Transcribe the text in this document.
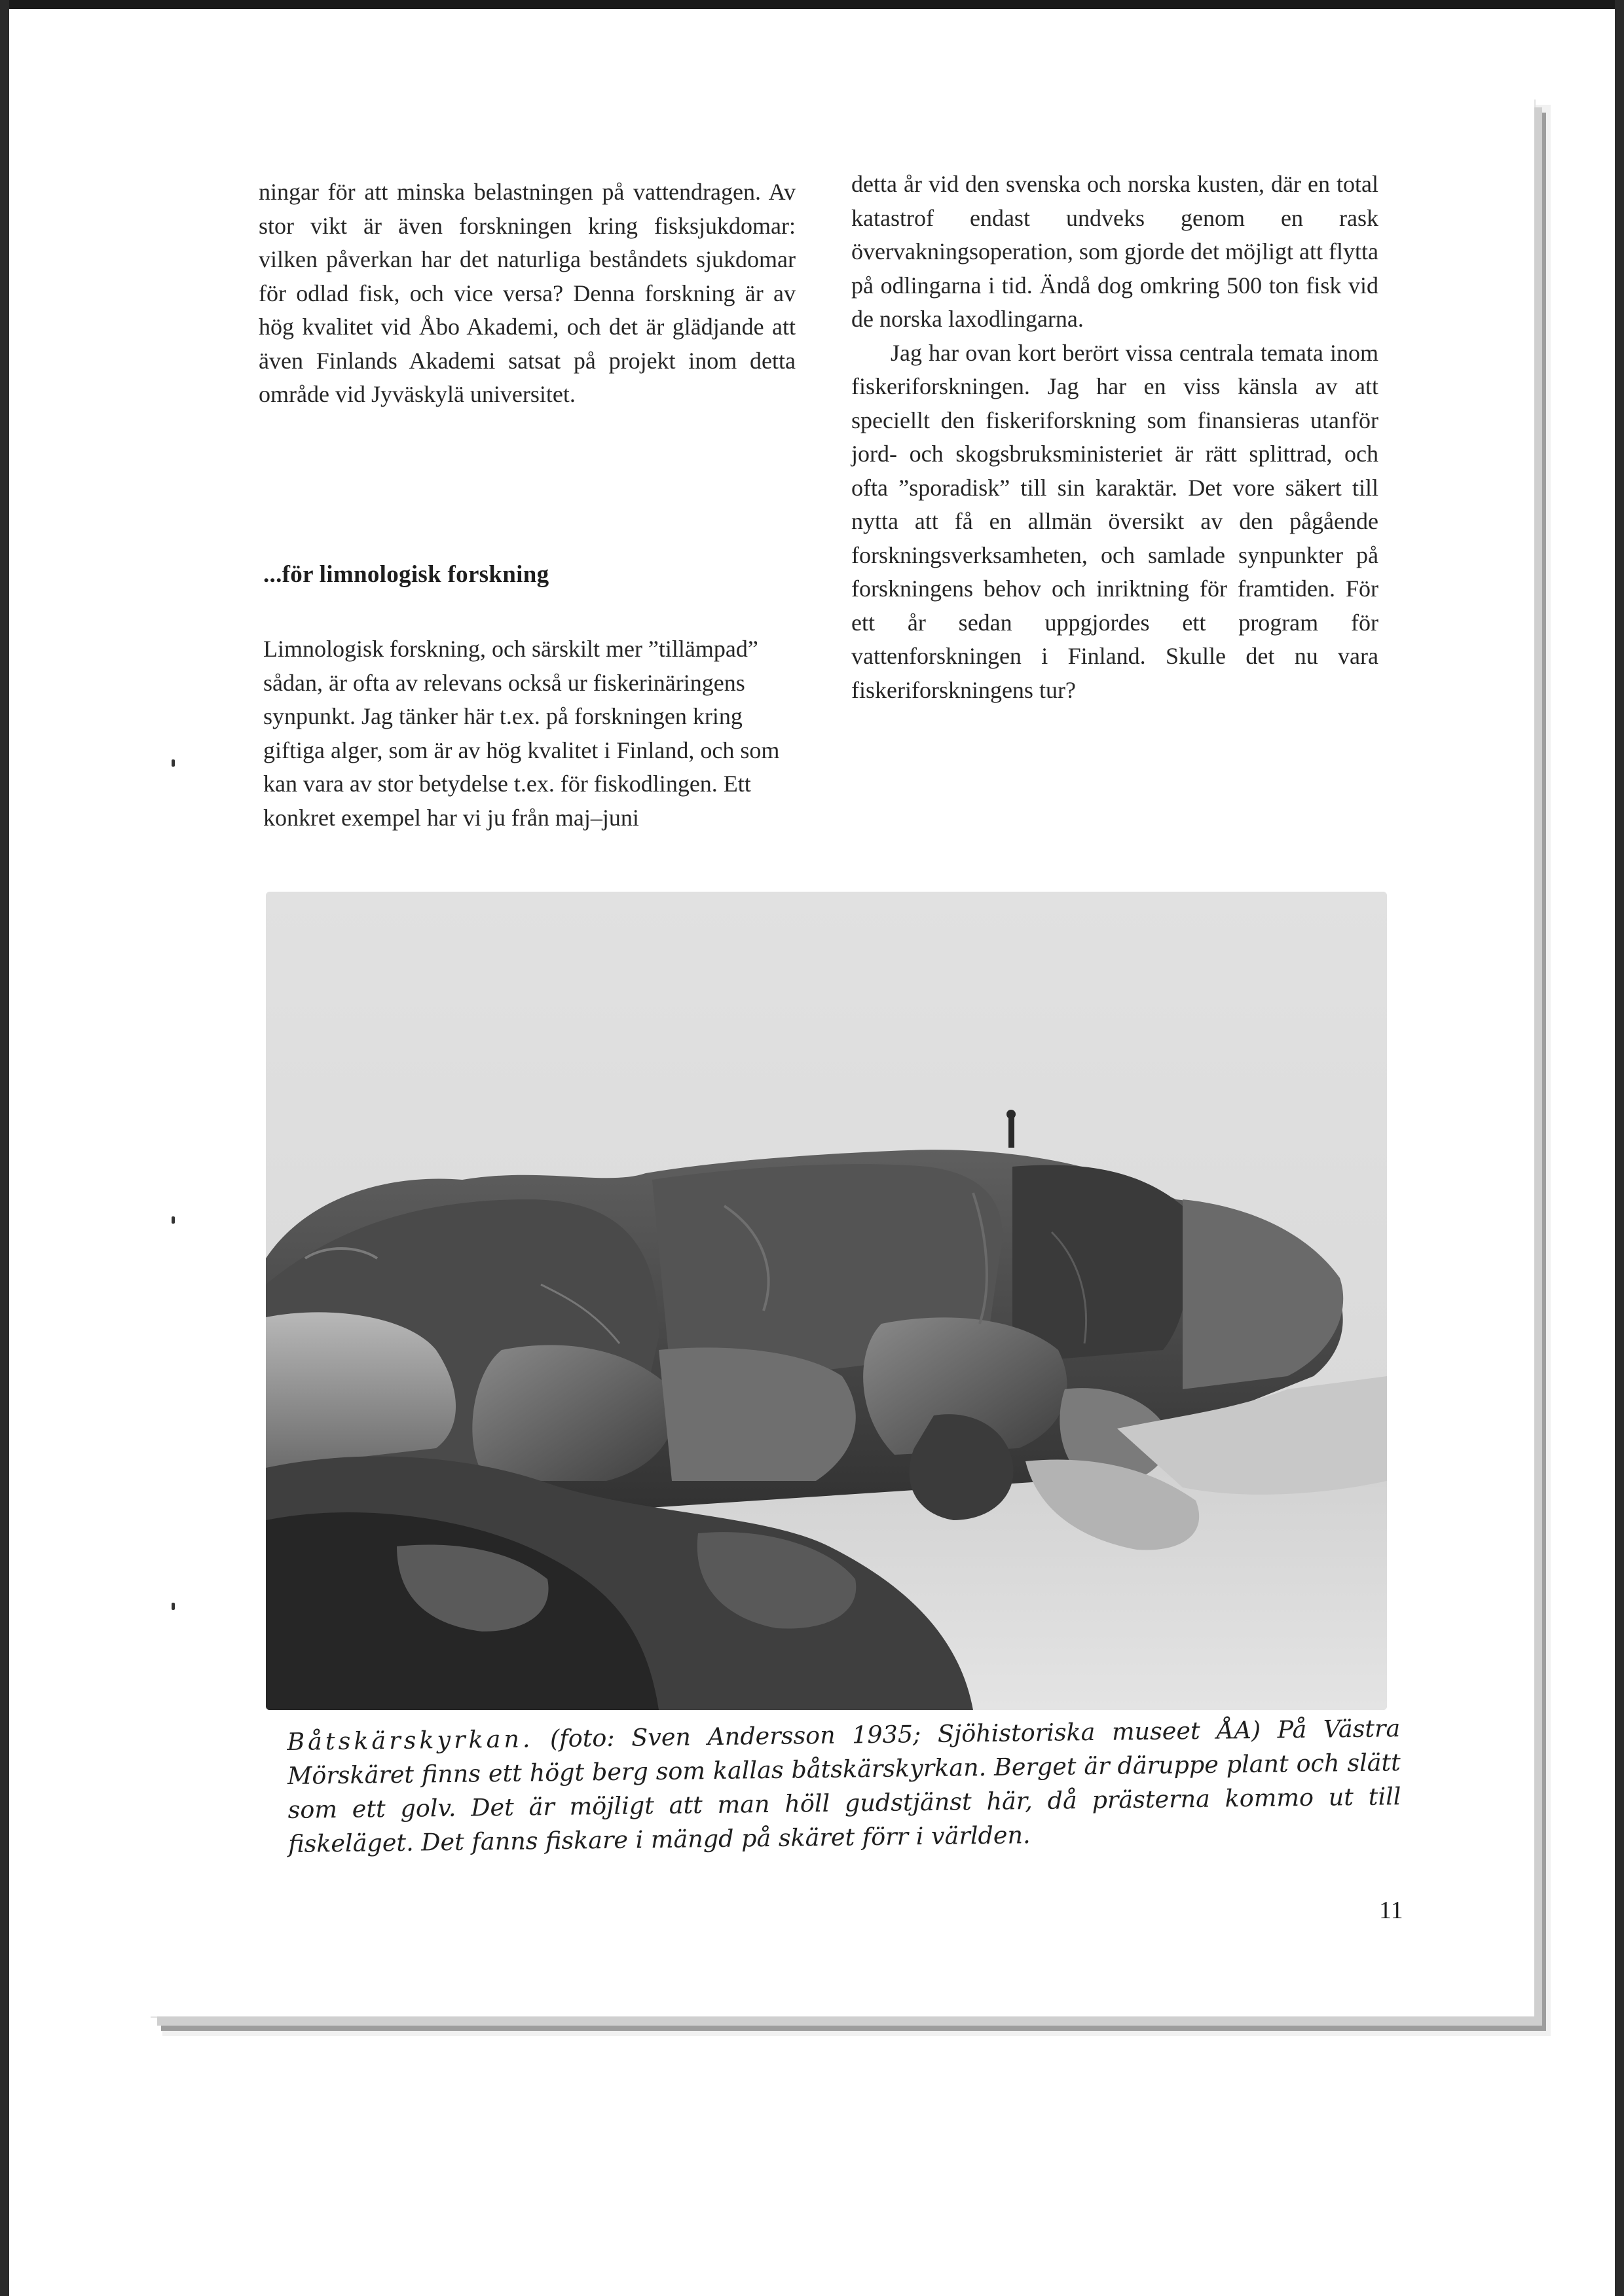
ningar för att minska belastningen på vattendragen. Av stor vikt är även forskningen kring fisksjukdomar: vilken påverkan har det naturliga beståndets sjukdomar för odlad fisk, och vice versa? Denna forskning är av hög kvalitet vid Åbo Akademi, och det är glädjande att även Finlands Akademi satsat på projekt inom detta område vid Jyväskylä universitet.

...för limnologisk forskning

Limnologisk forskning, och särskilt mer ”tillämpad” sådan, är ofta av relevans också ur fiskerinäringens synpunkt. Jag tänker här t.ex. på forskningen kring giftiga alger, som är av hög kvalitet i Finland, och som kan vara av stor betydelse t.ex. för fiskodlingen. Ett konkret exempel har vi ju från maj–juni

detta år vid den svenska och norska kusten, där en total katastrof endast undveks genom en rask övervakningsoperation, som gjorde det möjligt att flytta på odlingarna i tid. Ändå dog omkring 500 ton fisk vid de norska laxodlingarna.

Jag har ovan kort berört vissa centrala temata inom fiskeriforskningen. Jag har en viss känsla av att speciellt den fiskeriforskning som finansieras utanför jord- och skogsbruksministeriet är rätt splittrad, och ofta ”sporadisk” till sin karaktär. Det vore säkert till nytta att få en allmän översikt av den pågående forskningsverksamheten, och samlade synpunkter på forskningens behov och inriktning för framtiden. För ett år sedan uppgjordes ett program för vattenforskningen i Finland. Skulle det nu vara fiskeriforskningens tur?

Båtskärskyrkan. (foto: Sven Andersson 1935; Sjöhistoriska museet ÅA) På Västra Mörskäret finns ett högt berg som kallas båtskärskyrkan. Berget är däruppe plant och slätt som ett golv. Det är möjligt att man höll gudstjänst här, då prästerna kommo ut till fiskeläget. Det fanns fiskare i mängd på skäret förr i världen.
11
